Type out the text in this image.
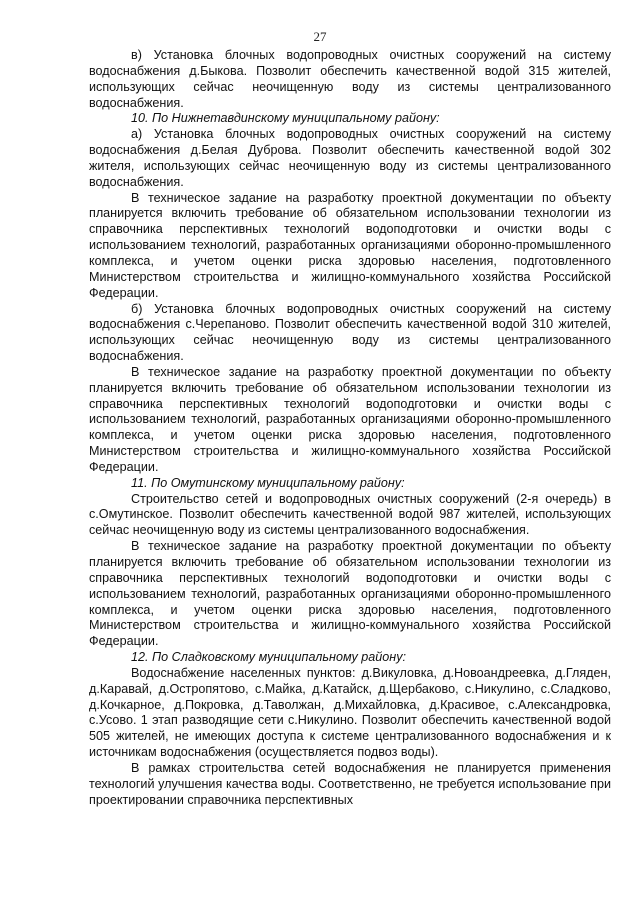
27

в) Установка блочных водопроводных очистных сооружений на систему водоснабжения д.Быкова. Позволит обеспечить качественной водой 315 жителей, использующих сейчас неочищенную воду из системы централизованного водоснабжения.

10. По Нижнетавдинскому муниципальному району:

а) Установка блочных водопроводных очистных сооружений на систему водоснабжения д.Белая Дуброва. Позволит обеспечить качественной водой 302 жителя, использующих сейчас неочищенную воду из системы централизованного водоснабжения.

В техническое задание на разработку проектной документации по объекту планируется включить требование об обязательном использовании технологии из справочника перспективных технологий водоподготовки и очистки воды с использованием технологий, разработанных организациями оборонно-промышленного комплекса, и учетом оценки риска здоровью населения, подготовленного Министерством строительства и жилищно-коммунального хозяйства Российской Федерации.

б) Установка блочных водопроводных очистных сооружений на систему водоснабжения с.Черепаново. Позволит обеспечить качественной водой 310 жителей, использующих сейчас неочищенную воду из системы централизованного водоснабжения.

В техническое задание на разработку проектной документации по объекту планируется включить требование об обязательном использовании технологии из справочника перспективных технологий водоподготовки и очистки воды с использованием технологий, разработанных организациями оборонно-промышленного комплекса, и учетом оценки риска здоровью населения, подготовленного Министерством строительства и жилищно-коммунального хозяйства Российской Федерации.

11. По Омутинскому муниципальному району:

Строительство сетей и водопроводных очистных сооружений (2-я очередь) в с.Омутинское. Позволит обеспечить качественной водой 987 жителей, использующих сейчас неочищенную воду из системы централизованного водоснабжения.

В техническое задание на разработку проектной документации по объекту планируется включить требование об обязательном использовании технологии из справочника перспективных технологий водоподготовки и очистки воды с использованием технологий, разработанных организациями оборонно-промышленного комплекса, и учетом оценки риска здоровью населения, подготовленного Министерством строительства и жилищно-коммунального хозяйства Российской Федерации.

12. По Сладковскому муниципальному району:

Водоснабжение населенных пунктов: д.Викуловка, д.Новоандреевка, д.Гляден, д.Каравай, д.Остропятово, с.Майка, д.Катайск, д.Щербаково, с.Никулино, с.Сладково, д.Кочкарное, д.Покровка, д.Таволжан, д.Михайловка, д.Красивое, с.Александровка, с.Усово. 1 этап разводящие сети с.Никулино. Позволит обеспечить качественной водой 505 жителей, не имеющих доступа к системе централизованного водоснабжения и к источникам водоснабжения (осуществляется подвоз воды).

В рамках строительства сетей водоснабжения не планируется применения технологий улучшения качества воды. Соответственно, не требуется использование при проектировании справочника перспективных
